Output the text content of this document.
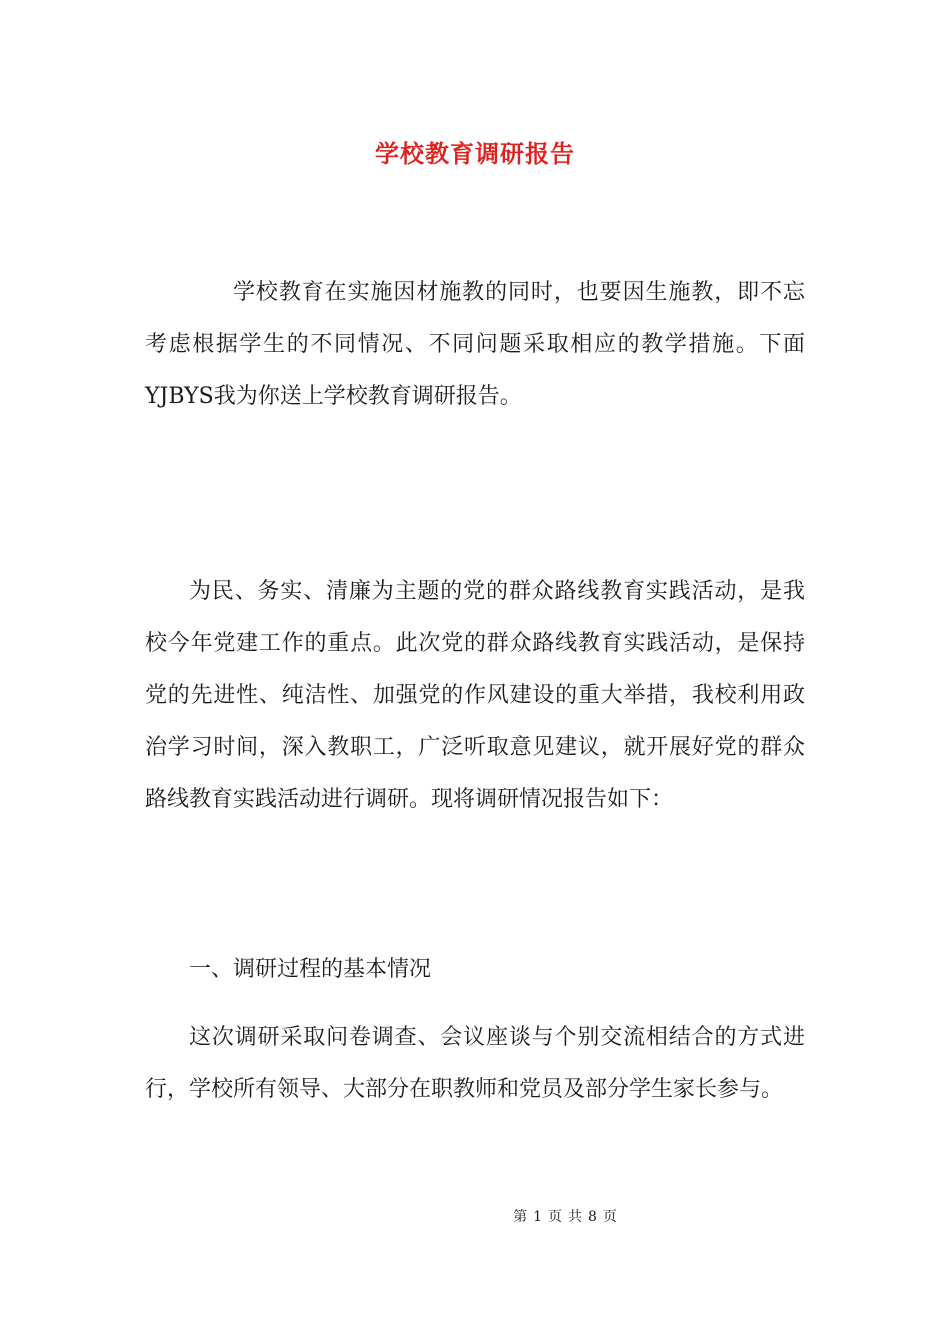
学校教育调研报告
学校教育在实施因材施教的同时，也要因生施教，即不忘
考虑根据学生的不同情况、不同问题采取相应的教学措施。下面
YJBYS我为你送上学校教育调研报告。
为民、务实、清廉为主题的党的群众路线教育实践活动，是我
校今年党建工作的重点。此次党的群众路线教育实践活动，是保持
党的先进性、纯洁性、加强党的作风建设的重大举措，我校利用政
治学习时间，深入教职工，广泛听取意见建议，就开展好党的群众
路线教育实践活动进行调研。现将调研情况报告如下：
一、调研过程的基本情况
这次调研采取问卷调查、会议座谈与个别交流相结合的方式进
行，学校所有领导、大部分在职教师和党员及部分学生家长参与。
第 1 页 共 8 页
